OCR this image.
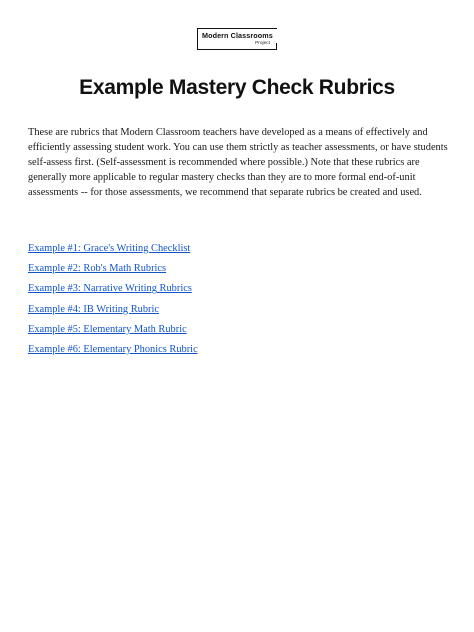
Modern Classrooms
Project
Example Mastery Check Rubrics

These are rubrics that Modern Classroom teachers have developed as a means of effectively and efficiently assessing student work. You can use them strictly as teacher assessments, or have students self-assess first. (Self-assessment is recommended where possible.) Note that these rubrics are generally more applicable to regular mastery checks than they are to more formal end-of-unit assessments -- for those assessments, we recommend that separate rubrics be created and used.

Example #1: Grace's Writing Checklist
Example #2: Rob's Math Rubrics
Example #3: Narrative Writing Rubrics
Example #4: IB Writing Rubric
Example #5: Elementary Math Rubric
Example #6: Elementary Phonics Rubric
